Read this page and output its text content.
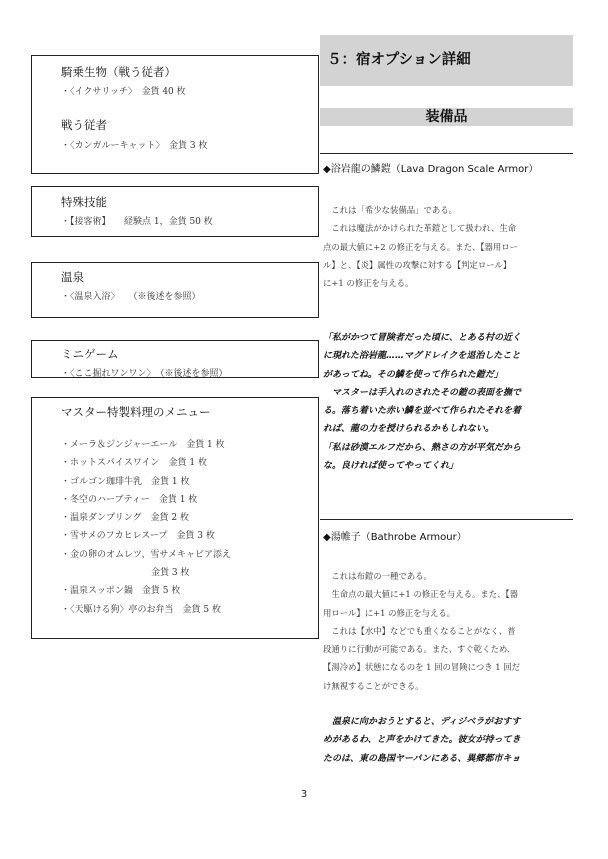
騎乗生物（戦う従者）
・〈イクサリッチ〉　金貨 40 枚
戦う従者
・〈カンガルーキャット〉　金貨 3 枚
特殊技能
・【接客術】　　経験点 1，金貨 50 枚
温泉
・〈温泉入浴〉　　（※後述を参照）
ミニゲーム
・〈ここ掘れワンワン〉　（※後述を参照）
マスター特製料理のメニュー
・メーラ＆ジンジャーエール　金貨 1 枚
・ホットスパイスワイン　金貨 1 枚
・ゴルゴン珈琲牛乳　金貨 1 枚
・冬空のハーブティー　金貨 1 枚
・温泉ダンプリング　金貨 2 枚
・雪サメのフカヒレスープ　金貨 3 枚
・金の卵のオムレツ、雪サメキャビア添え
　　　　　　　　　　金貨 3 枚
・温泉スッポン鍋　金貨 5 枚
・〈天駆ける狗〉亭のお弁当　金貨 5 枚
５：宿オプション詳細
装備品
◆浴岩龍の鱗鎧（Lava Dragon Scale Armor）
　これは「希少な装備品」である。
　これは魔法がかけられた革鎧として扱われ、生命
点の最大値に+2 の修正を与える。また、【器用ロー
ル】と、【炎】属性の攻撃に対する【判定ロール】
に+1 の修正を与える。
「私がかつて冒険者だった頃に、とある村の近く
に現れた浴岩龍……マグドレイクを退治したこと
があってね。その鱗を使って作られた鎧だ」
　マスターは手入れのされたその鎧の表面を撫で
る。落ち着いた赤い鱗を並べて作られたそれを着
れば、龍の力を授けられるかもしれない。
「私は砂漠エルフだから、熱さの方が平気だから
な。良ければ使ってやってくれ」
◆湯帷子（Bathrobe Armour）
　これは布鎧の一種である。
　生命点の最大値に+1 の修正を与える。また、【器
用ロール】に+1 の修正を与える。
　これは【水中】などでも重くなることがなく、普
段通りに行動が可能である。また、すぐ乾くため、
【湯冷め】状態になるのを 1 回の冒険につき 1 回だ
け無視することができる。
　温泉に向かおうとすると、ディジベラがおすす
めがあるわ、と声をかけてきた。彼女が持ってき
たのは、東の島国ヤーパンにある、異郷都市キョ
3
